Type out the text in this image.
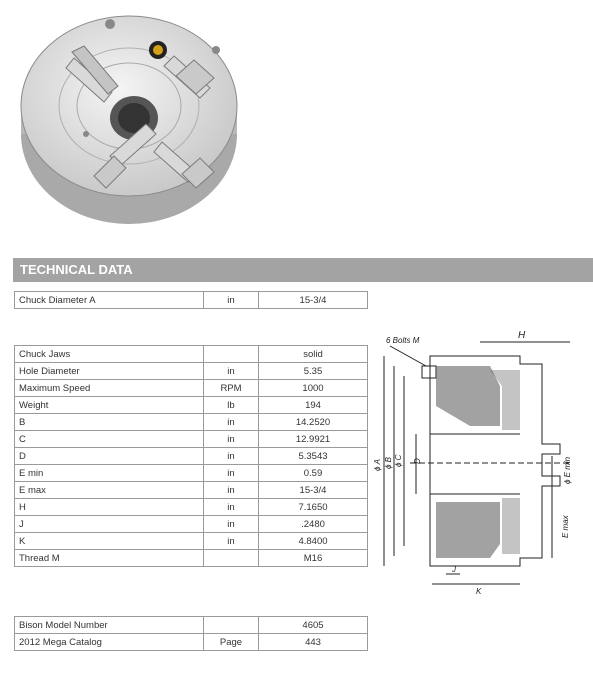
TECHNICAL DATA
Chuck Diameter A	in	15-3/4
Chuck Jaws		solid
Hole Diameter	in	5.35
Maximum Speed	RPM	1000
Weight	lb	194
B	in	14.2520
C	in	12.9921
D	in	5.3543
E min	in	0.59
E max	in	15-3/4
H	in	7.1650
J	in	.2480
K	in	4.8400
Thread M		M16
Bison Model Number		4605
2012 Mega Catalog	Page	443
6 Bolts M	H
ϕ A ϕ B ϕ C D	ϕ E min
E max
J
K
